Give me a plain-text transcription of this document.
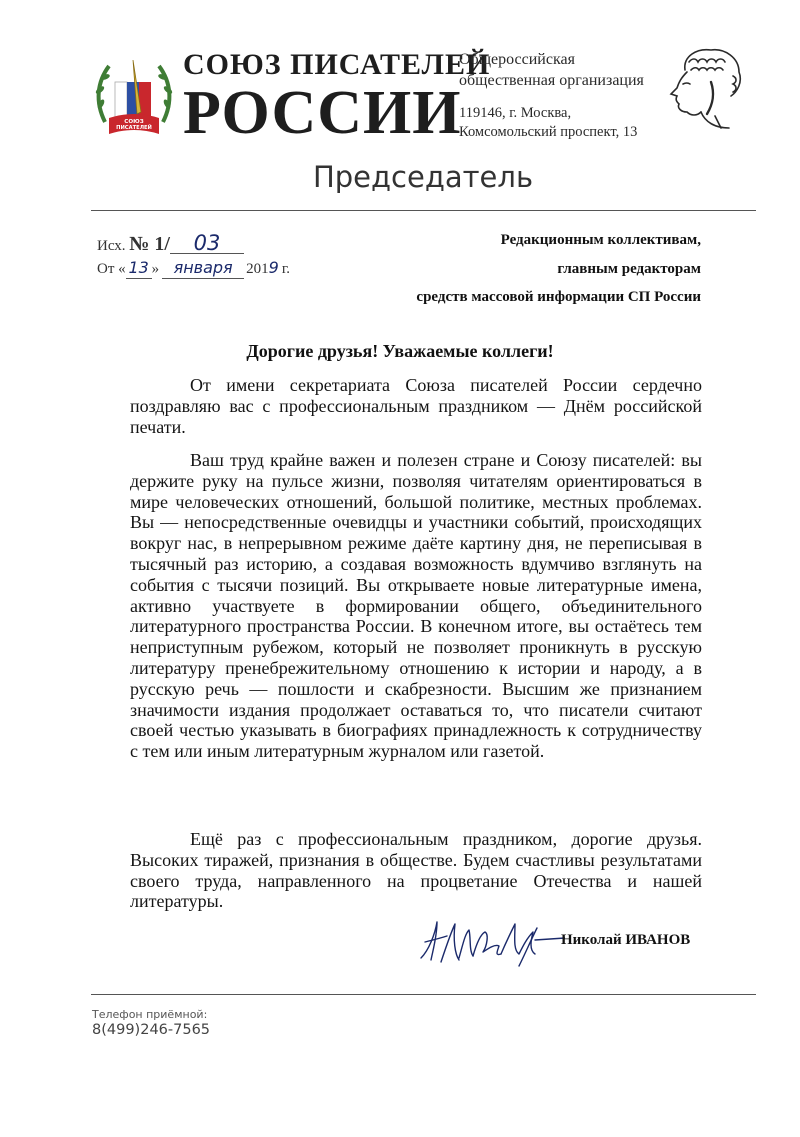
СОЮЗ
ПИСАТЕЛЕЙ
РОССИИ
СОЮЗ ПИСАТЕЛЕЙ
РОССИИ
Общероссийская
общественная организация
119146, г. Москва,
Комсомольский проспект, 13
Председатель
Исх. № 1/ 03
От « 13 » января 2019 г.
Редакционным коллективам,
главным редакторам
средств массовой информации СП России
Дорогие друзья! Уважаемые коллеги!
От имени секретариата Союза писателей России сердечно поздравляю вас с профессиональным праздником — Днём российской печати.
Ваш труд крайне важен и полезен стране и Союзу писателей: вы держите руку на пульсе жизни, позволяя читателям ориентироваться в мире человеческих отношений, большой политике, местных проблемах. Вы — непосредственные очевидцы и участники событий, происходящих вокруг нас, в непрерывном режиме даёте картину дня, не переписывая в тысячный раз историю, а создавая возможность вдумчиво взглянуть на события с тысячи позиций. Вы открываете новые литературные имена, активно участвуете в формировании общего, объединительного литературного пространства России. В конечном итоге, вы остаётесь тем неприступным рубежом, который не позволяет проникнуть в русскую литературу пренебрежительному отношению к истории и народу, а в русскую речь — пошлости и скабрезности. Высшим же признанием значимости издания продолжает оставаться то, что писатели считают своей честью указывать в биографиях принадлежность к сотрудничеству с тем или иным литературным журналом или газетой.
Ещё раз с профессиональным праздником, дорогие друзья. Высоких тиражей, признания в обществе. Будем счастливы результатами своего труда, направленного на процветание Отечества и нашей литературы.
Николай ИВАНОВ
Телефон приёмной:
8(499)246-7565
